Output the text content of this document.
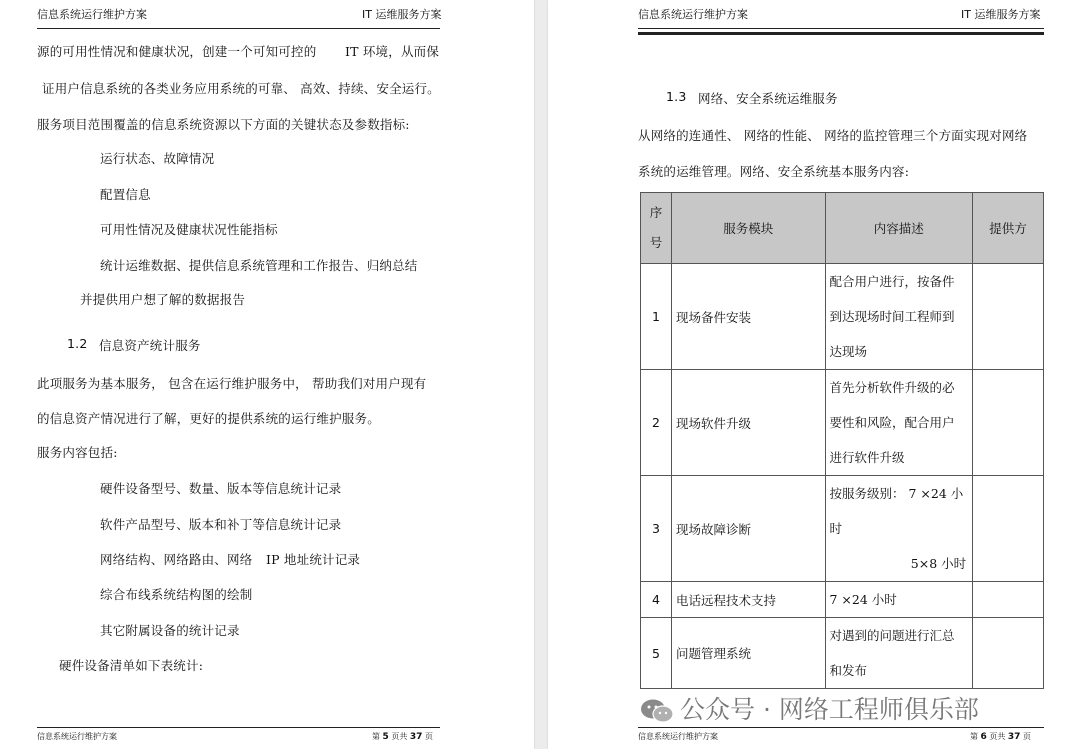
信息系统运行维护方案	IT 运维服务方案
源的可用性情况和健康状况，创建一个可知可控的 IT 环境，从而保
证用户信息系统的各类业务应用系统的可靠、 高效、持续、安全运行。
服务项目范围覆盖的信息系统资源以下方面的关键状态及参数指标:
运行状态、故障情况
配置信息
可用性情况及健康状况性能指标
统计运维数据、提供信息系统管理和工作报告、归纳总结
并提供用户想了解的数据报告
1.2 信息资产统计服务
此项服务为基本服务， 包含在运行维护服务中， 帮助我们对用户现有
的信息资产情况进行了解，更好的提供系统的运行维护服务。
服务内容包括:
硬件设备型号、数量、版本等信息统计记录
软件产品型号、版本和补丁等信息统计记录
网络结构、网络路由、网络 IP 地址统计记录
综合布线系统结构图的绘制
其它附属设备的统计记录
硬件设备清单如下表统计:
信息系统运行维护方案	第 5 页共 37 页
信息系统运行维护方案	IT 运维服务方案
1.3 网络、安全系统运维服务
从网络的连通性、 网络的性能、 网络的监控管理三个方面实现对网络
系统的运维管理。网络、安全系统基本服务内容:
序
号	服务模块	内容描述	提供方
1	现场备件安装	配合用户进行，按备件
到达现场时间工程师到
达现场	
2	现场软件升级	首先分析软件升级的必
要性和风险，配合用户
进行软件升级	
3	现场故障诊断	按服务级别： 7 ×24 小
时
5×8 小时	

4	电话远程技术支持	7 ×24 小时	
5	问题管理系统	对遇到的问题进行汇总
和发布	
信息系统运行维护方案	第 6 页共 37 页
公众号 · 网络工程师俱乐部
